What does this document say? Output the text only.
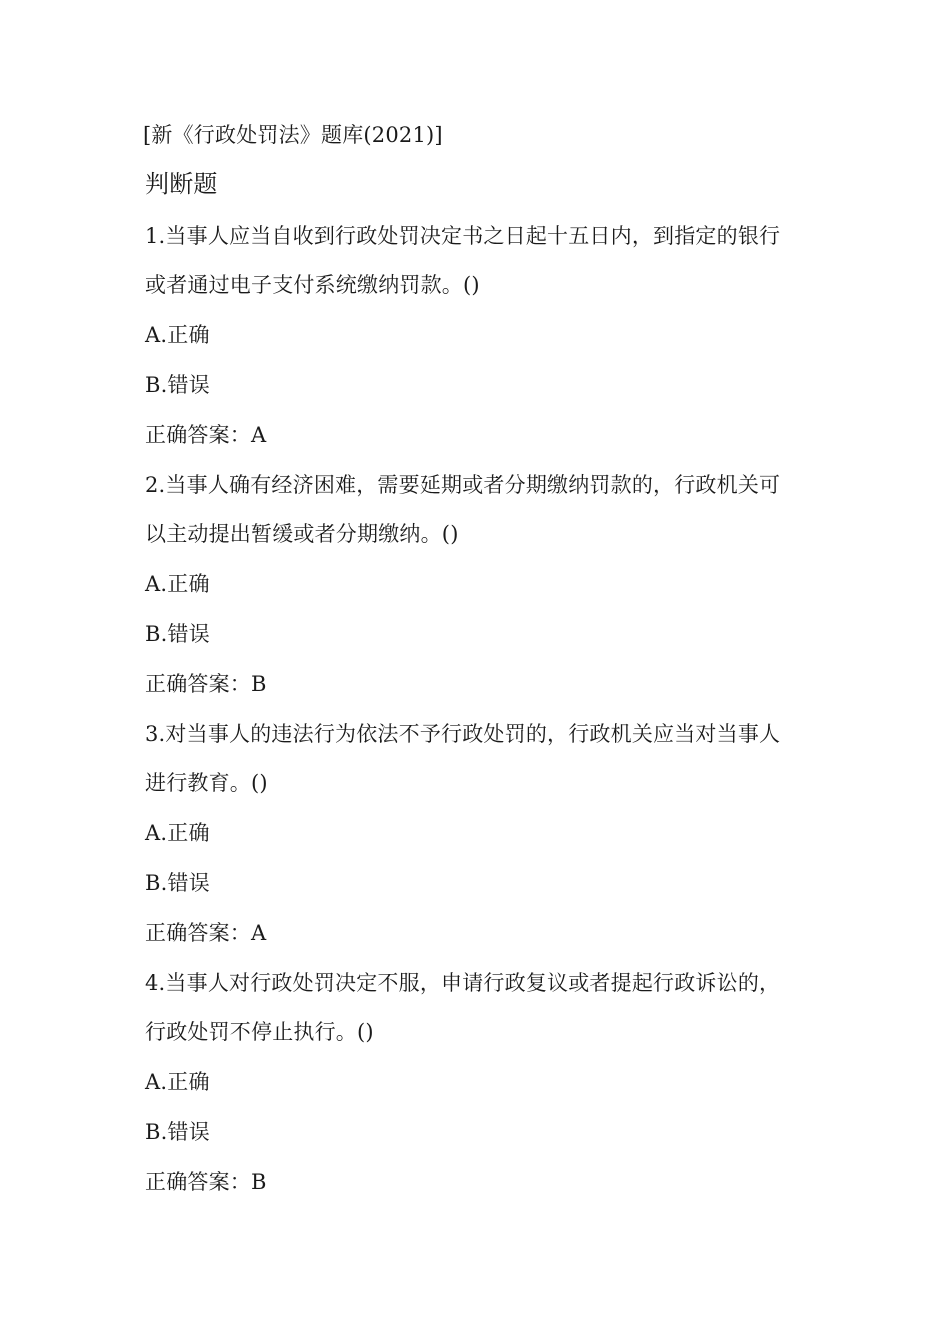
[新《行政处罚法》题库(2021)]
判断题
1.当事人应当自收到行政处罚决定书之日起十五日内，到指定的银行
或者通过电子支付系统缴纳罚款。()
A.正确
B.错误
正确答案：A
2.当事人确有经济困难，需要延期或者分期缴纳罚款的，行政机关可
以主动提出暂缓或者分期缴纳。()
A.正确
B.错误
正确答案：B
3.对当事人的违法行为依法不予行政处罚的，行政机关应当对当事人
进行教育。()
A.正确
B.错误
正确答案：A
4.当事人对行政处罚决定不服，申请行政复议或者提起行政诉讼的，
行政处罚不停止执行。()
A.正确
B.错误
正确答案：B
